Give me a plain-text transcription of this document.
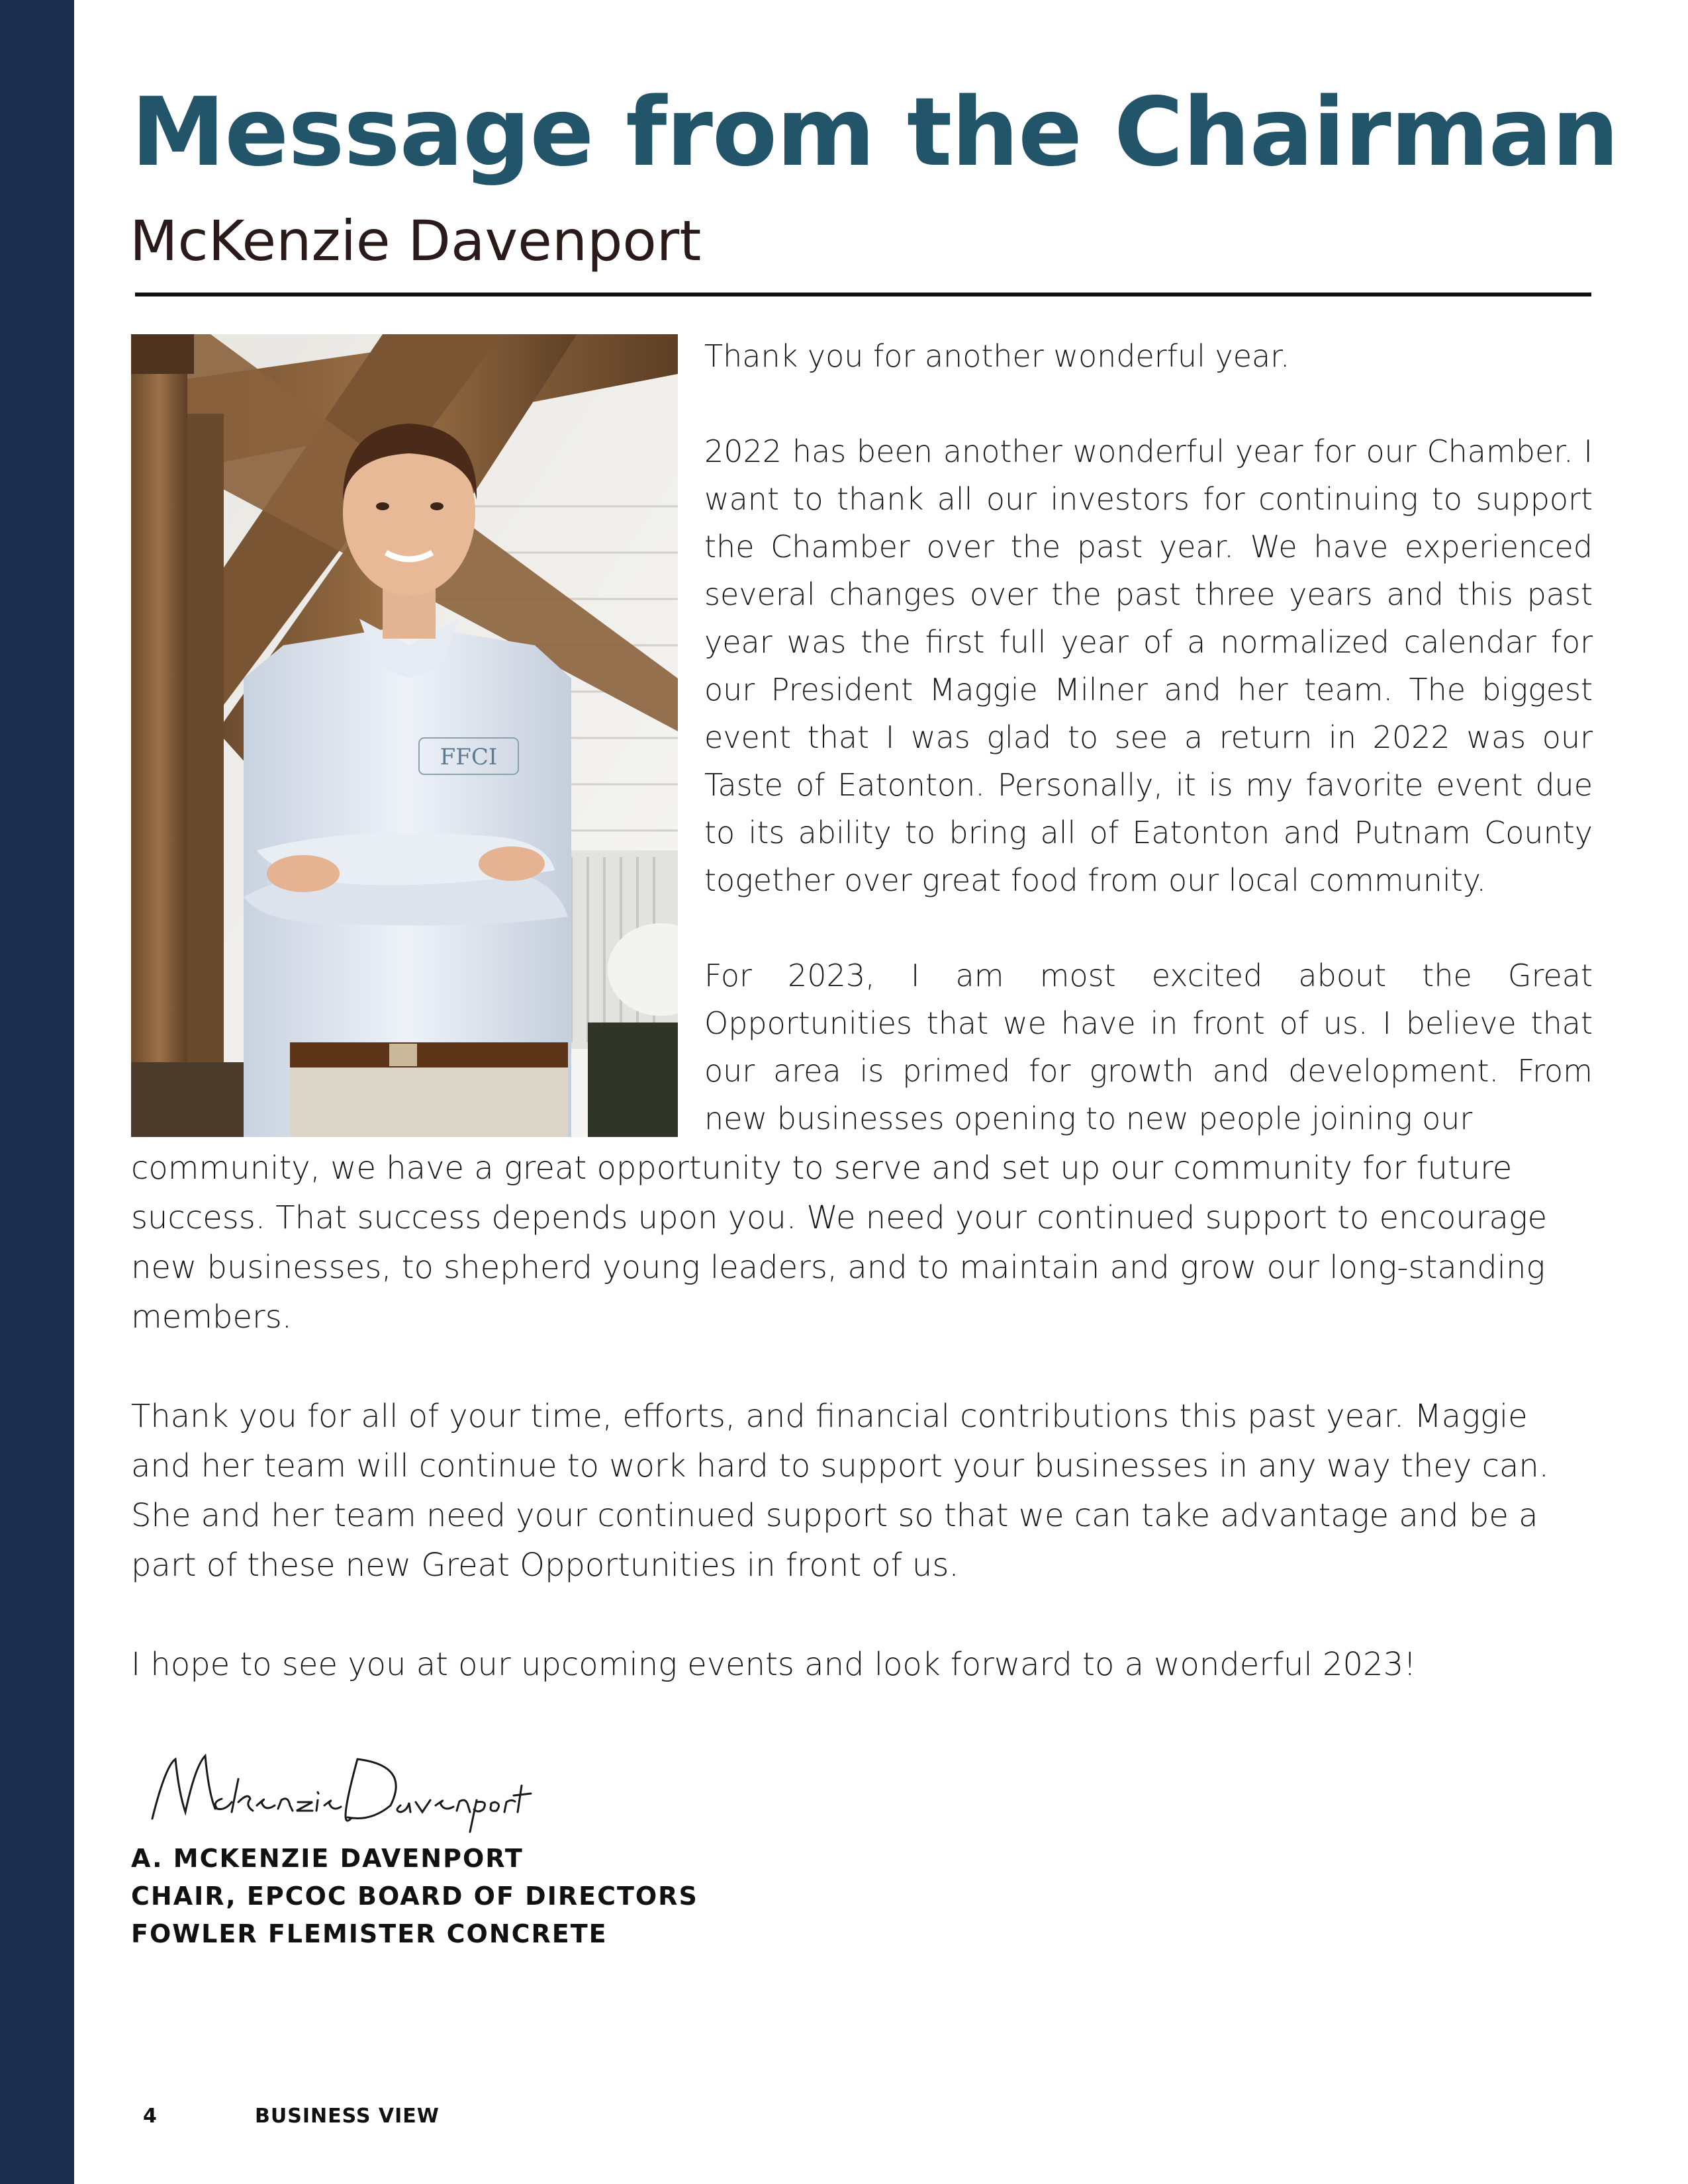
Message from the Chairman
McKenzie Davenport
FFCI

Thank you for another wonderful year.

2022 has been another wonderful year for our Chamber. I want to thank all our investors for continuing to support the Chamber over the past year. We have experienced several changes over the past three years and this past year was the first full year of a normalized calendar for our President Maggie Milner and her team. The biggest event that I was glad to see a return in 2022 was our Taste of Eatonton. Personally, it is my favorite event due to its ability to bring all of Eatonton and Putnam County together over great food from our local community.

For 2023, I am most excited about the Great Opportunities that we have in front of us. I believe that our area is primed for growth and development. From new businesses opening to new people joining our

community, we have a great opportunity to serve and set up our community for future success. That success depends upon you. We need your continued support to encourage new businesses, to shepherd young leaders, and to maintain and grow our long-standing members.

Thank you for all of your time, efforts, and financial contributions this past year. Maggie and her team will continue to work hard to support your businesses in any way they can. She and her team need your continued support so that we can take advantage and be a part of these new Great Opportunities in front of us.

I hope to see you at our upcoming events and look forward to a wonderful 2023!

A. MCKENZIE DAVENPORT
CHAIR, EPCOC BOARD OF DIRECTORS
FOWLER FLEMISTER CONCRETE
4	BUSINESS VIEW
